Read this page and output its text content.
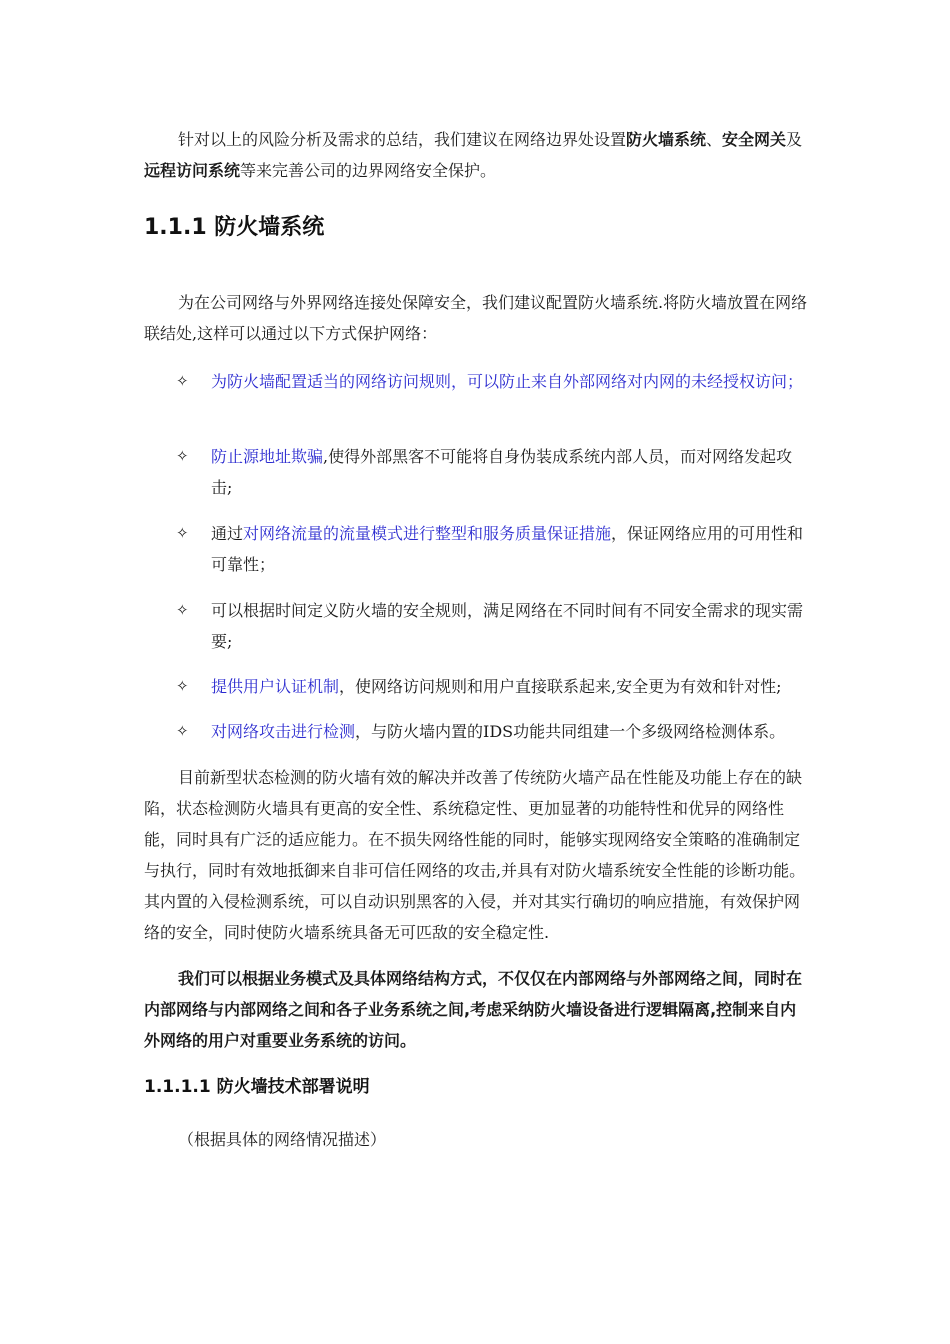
针对以上的风险分析及需求的总结，我们建议在网络边界处设置防火墙系统、安全网关及远程访问系统等来完善公司的边界网络安全保护。

1.1.1 防火墙系统

为在公司网络与外界网络连接处保障安全，我们建议配置防火墙系统.将防火墙放置在网络联结处,这样可以通过以下方式保护网络：

✧ 为防火墙配置适当的网络访问规则，可以防止来自外部网络对内网的未经授权访问；
✧ 防止源地址欺骗,使得外部黑客不可能将自身伪装成系统内部人员，而对网络发起攻击;
✧ 通过对网络流量的流量模式进行整型和服务质量保证措施，保证网络应用的可用性和可靠性；
✧ 可以根据时间定义防火墙的安全规则，满足网络在不同时间有不同安全需求的现实需要;
✧ 提供用户认证机制，使网络访问规则和用户直接联系起来,安全更为有效和针对性;
✧ 对网络攻击进行检测，与防火墙内置的IDS功能共同组建一个多级网络检测体系。

目前新型状态检测的防火墙有效的解决并改善了传统防火墙产品在性能及功能上存在的缺陷，状态检测防火墙具有更高的安全性、系统稳定性、更加显著的功能特性和优异的网络性能，同时具有广泛的适应能力。在不损失网络性能的同时，能够实现网络安全策略的准确制定与执行，同时有效地抵御来自非可信任网络的攻击,并具有对防火墙系统安全性能的诊断功能。其内置的入侵检测系统，可以自动识别黑客的入侵，并对其实行确切的响应措施，有效保护网络的安全，同时使防火墙系统具备无可匹敌的安全稳定性.

我们可以根据业务模式及具体网络结构方式，不仅仅在内部网络与外部网络之间，同时在内部网络与内部网络之间和各子业务系统之间,考虑采纳防火墙设备进行逻辑隔离,控制来自内外网络的用户对重要业务系统的访问。

1.1.1.1 防火墙技术部署说明
（根据具体的网络情况描述）
